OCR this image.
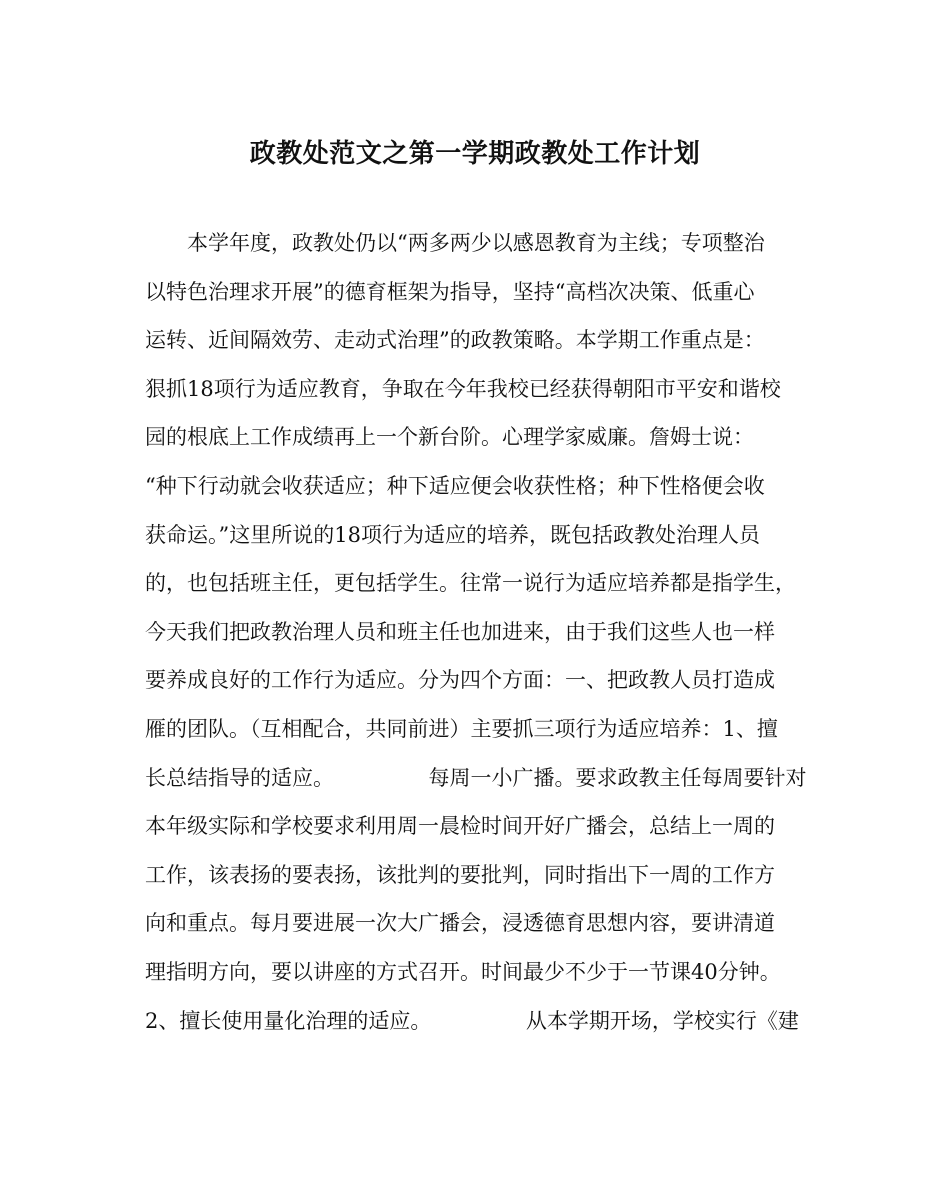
政教处范文之第一学期政教处工作计划
　　本学年度，政教处仍以“两多两少以感恩教育为主线；专项整治
以特色治理求开展”的德育框架为指导，坚持“高档次决策、低重心
运转、近间隔效劳、走动式治理”的政教策略。本学期工作重点是：
狠抓18项行为适应教育，争取在今年我校已经获得朝阳市平安和谐校
园的根底上工作成绩再上一个新台阶。心理学家威廉。詹姆士说：
“种下行动就会收获适应；种下适应便会收获性格；种下性格便会收
获命运。”这里所说的18项行为适应的培养，既包括政教处治理人员
的，也包括班主任，更包括学生。往常一说行为适应培养都是指学生，
今天我们把政教治理人员和班主任也加进来，由于我们这些人也一样
要养成良好的工作行为适应。分为四个方面：一、把政教人员打造成
雁的团队。（互相配合，共同前进）主要抓三项行为适应培养：1、擅
长总结指导的适应。　　　　　每周一小广播。要求政教主任每周要针对
本年级实际和学校要求利用周一晨检时间开好广播会，总结上一周的
工作，该表扬的要表扬，该批判的要批判，同时指出下一周的工作方
向和重点。每月要进展一次大广播会，浸透德育思想内容，要讲清道
理指明方向，要以讲座的方式召开。时间最少不少于一节课40分钟。
2、擅长使用量化治理的适应。　　　　　从本学期开场，学校实行《建
